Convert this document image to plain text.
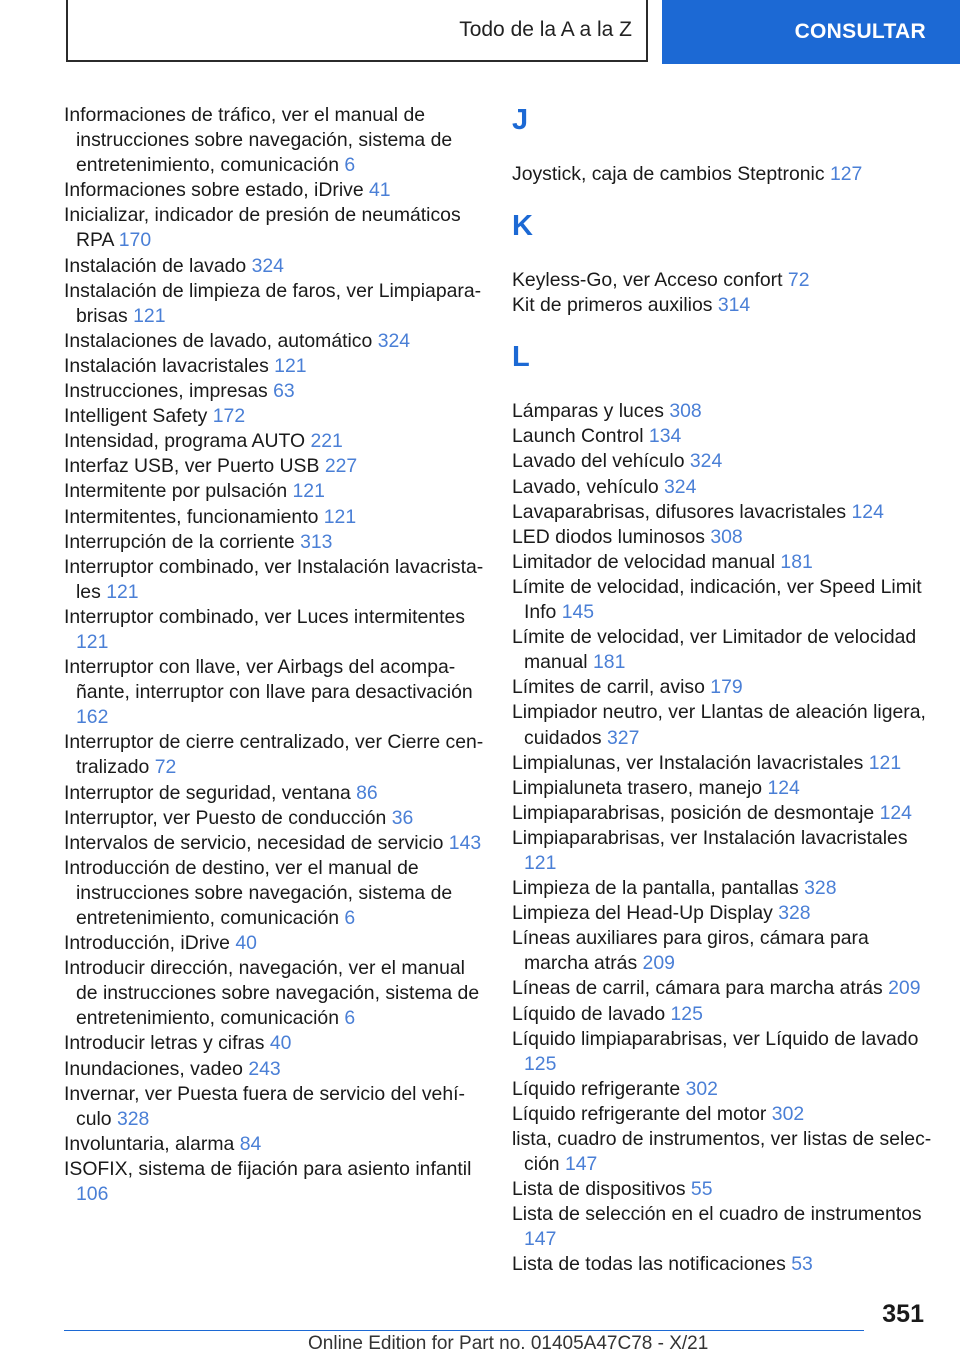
Todo de la A a la Z	CONSULTAR
Informaciones de tráfico, ver el manual de instrucciones sobre navegación, sistema de entretenimiento, comunicación 6
Informaciones sobre estado, iDrive 41
Inicializar, indicador de presión de neumáticos RPA 170
Instalación de lavado 324
Instalación de limpieza de faros, ver Limpiaparabrisas 121
Instalaciones de lavado, automático 324
Instalación lavacristales 121
Instrucciones, impresas 63
Intelligent Safety 172
Intensidad, programa AUTO 221
Interfaz USB, ver Puerto USB 227
Intermitente por pulsación 121
Intermitentes, funcionamiento 121
Interrupción de la corriente 313
Interruptor combinado, ver Instalación lavacristales 121
Interruptor combinado, ver Luces intermitentes 121
Interruptor con llave, ver Airbags del acompañante, interruptor con llave para desactivación 162
Interruptor de cierre centralizado, ver Cierre centralizado 72
Interruptor de seguridad, ventana 86
Interruptor, ver Puesto de conducción 36
Intervalos de servicio, necesidad de servicio 143
Introducción de destino, ver el manual de instrucciones sobre navegación, sistema de entretenimiento, comunicación 6
Introducción, iDrive 40
Introducir dirección, navegación, ver el manual de instrucciones sobre navegación, sistema de entretenimiento, comunicación 6
Introducir letras y cifras 40
Inundaciones, vadeo 243
Invernar, ver Puesta fuera de servicio del vehículo 328
Involuntaria, alarma 84
ISOFIX, sistema de fijación para asiento infantil 106
J
Joystick, caja de cambios Steptronic 127
K
Keyless-Go, ver Acceso confort 72
Kit de primeros auxilios 314
L
Lámparas y luces 308
Launch Control 134
Lavado del vehículo 324
Lavado, vehículo 324
Lavaparabrisas, difusores lavacristales 124
LED diodos luminosos 308
Limitador de velocidad manual 181
Límite de velocidad, indicación, ver Speed Limit Info 145
Límite de velocidad, ver Limitador de velocidad manual 181
Límites de carril, aviso 179
Limpiador neutro, ver Llantas de aleación ligera, cuidados 327
Limpialunas, ver Instalación lavacristales 121
Limpialuneta trasero, manejo 124
Limpiaparabrisas, posición de desmontaje 124
Limpiaparabrisas, ver Instalación lavacristales 121
Limpieza de la pantalla, pantallas 328
Limpieza del Head-Up Display 328
Líneas auxiliares para giros, cámara para marcha atrás 209
Líneas de carril, cámara para marcha atrás 209
Líquido de lavado 125
Líquido limpiaparabrisas, ver Líquido de lavado 125
Líquido refrigerante 302
Líquido refrigerante del motor 302
lista, cuadro de instrumentos, ver listas de selección 147
Lista de dispositivos 55
Lista de selección en el cuadro de instrumentos 147
Lista de todas las notificaciones 53
351
Online Edition for Part no. 01405A47C78 - X/21
